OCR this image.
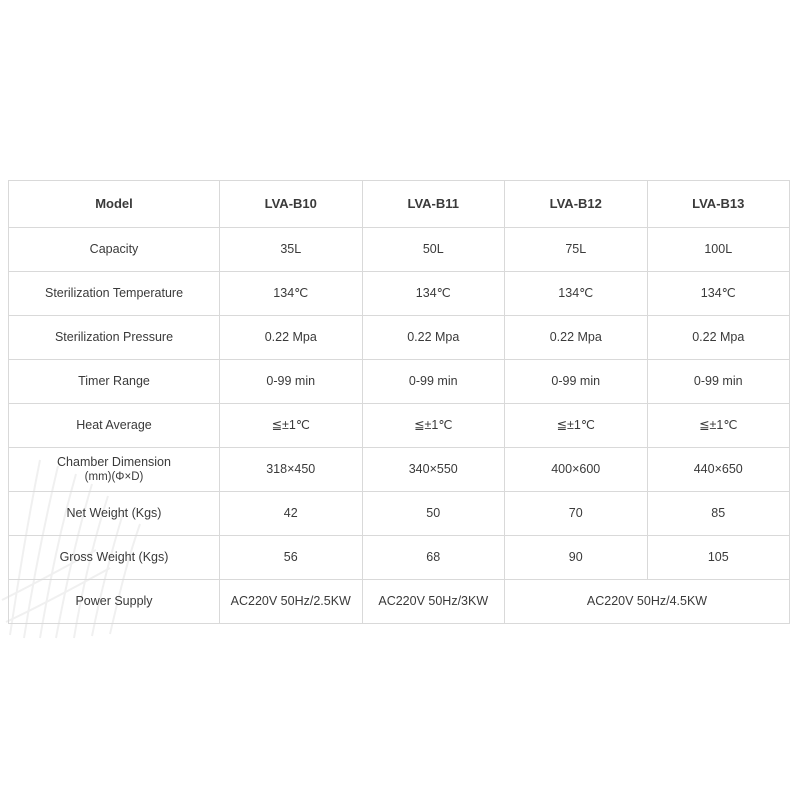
Model	LVA-B10	LVA-B11	LVA-B12	LVA-B13
Capacity	35L	50L	75L	100L
Sterilization Temperature	134℃	134℃	134℃	134℃
Sterilization Pressure	0.22 Mpa	0.22 Mpa	0.22 Mpa	0.22 Mpa
Timer Range	0-99 min	0-99 min	0-99 min	0-99 min
Heat Average	≦±1℃	≦±1℃	≦±1℃	≦±1℃
Chamber Dimension
(mm)(Φ×D)	318×450	340×550	400×600	440×650
Net Weight (Kgs)	42	50	70	85
Gross Weight (Kgs)	56	68	90	105
Power Supply	AC220V 50Hz/2.5KW	AC220V 50Hz/3KW	AC220V 50Hz/4.5KW	
